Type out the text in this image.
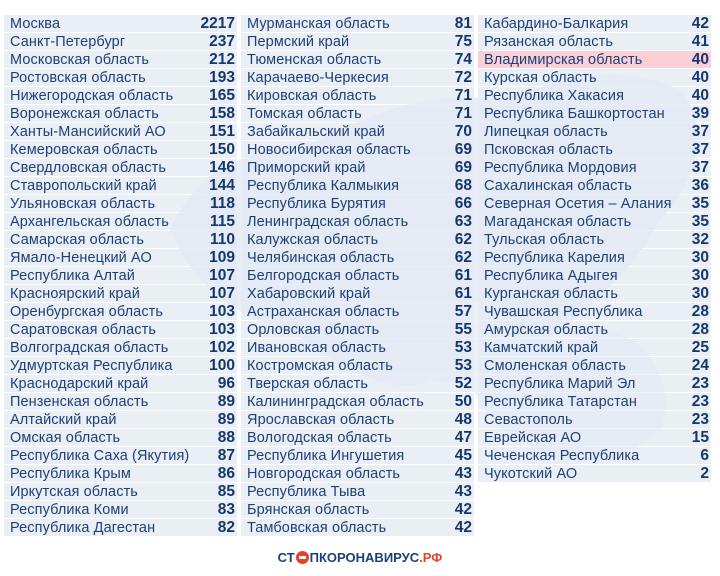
Москва	2217
Санкт-Петербург	237
Московская область	212
Ростовская область	193
Нижегородская область 165
Воронежская область	158
Ханты-Мансийский АО	151
Кемеровская область	150
Свердловская область	146
Ставропольский край	144
Ульяновская область	118
Архангельская область	115
Самарская область	110
Ямало-Ненецкий АО	109
Республика Алтай	107
Красноярский край	107
Оренбургская область	103
Саратовская область	103
Волгоградская область	102
Удмуртская Республика 100
Краснодарский край	96
Пензенская область	89
Алтайский край	89
Омская область	88
Республика Саха (Якутия) 87
Республика Крым	86
Иркутская область	85
Республика Коми	83
Республика Дагестан	82
Мурманская область	81
Пермский край	75
Тюменская область	74
Карачаево-Черкесия	72
Кировская область	71
Томская область	71
Забайкальский край	70
Новосибирская область	69
Приморский край	69
Республика Калмыкия	68
Республика Бурятия	66
Ленинградская область	63
Калужская область	62
Челябинская область	62
Белгородская область	61
Хабаровский край	61
Астраханская область	57
Орловская область	55
Ивановская область	53
Костромская область	53
Тверская область	52
Калининградская область 50
Ярославская область	48
Вологодская область	47
Республика Ингушетия	45
Новгородская область	43
Республика Тыва	43
Брянская область	42
Тамбовская область	42
Кабардино-Балкария	42
Рязанская область	41
Владимирская область	40
Курская область	40
Республика Хакасия	40
Республика Башкортостан 39
Липецкая область	37
Псковская область	37
Республика Мордовия	37
Сахалинская область	36
Северная Осетия – Алания 35
Магаданская область	35
Тульская область	32
Республика Карелия	30
Республика Адыгея	30
Курганская область	30
Чувашская Республика	28
Амурская область	28
Камчатский край	25
Смоленская область	24
Республика Марий Эл	23
Республика Татарстан	23
Севастополь	23
Еврейская АО	15
Чеченская Республика	6
Чукотский АО	2
СТ ПКОРОНАВИРУС .РФ
